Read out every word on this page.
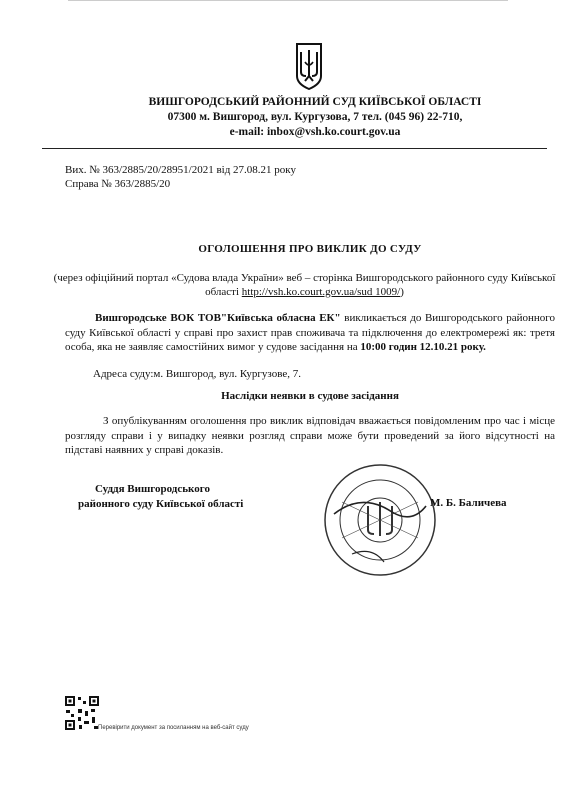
ВИШГОРОДСЬКИЙ РАЙОННИЙ СУД КИЇВСЬКОЇ ОБЛАСТІ
07300 м. Вишгород, вул. Кургузова, 7 тел. (045 96) 22-710,
e-mail: inbox@vsh.ko.court.gov.ua
Вих. № 363/2885/20/28951/2021 від 27.08.21 року
Справа № 363/2885/20
ОГОЛОШЕННЯ ПРО ВИКЛИК ДО СУДУ
(через офіційний портал «Судова влада України» веб – сторінка Вишгородського районного суду Київської області http://vsh.ko.court.gov.ua/sud 1009/)
Вишгородське ВОК ТОВ"Київська обласна ЕК" викликається до Вишгородського районного суду Київської області у справі про захист прав споживача та підключення до електромережі як: третя особа, яка не заявляє самостійних вимог у судове засідання на 10:00 годин 12.10.21 року.
Адреса суду:м. Вишгород, вул. Кургузове, 7.
Наслідки неявки в судове засідання
З опублікуванням оголошення про виклик відповідач вважається повідомленим про час і місце розгляду справи і у випадку неявки розгляд справи може бути проведений за його відсутності на підставі наявних у справі доказів.
Суддя Вишгородського
районного суду Київської області	М. Б. Баличева
Перевірити документ за посиланням на веб-сайт суду
